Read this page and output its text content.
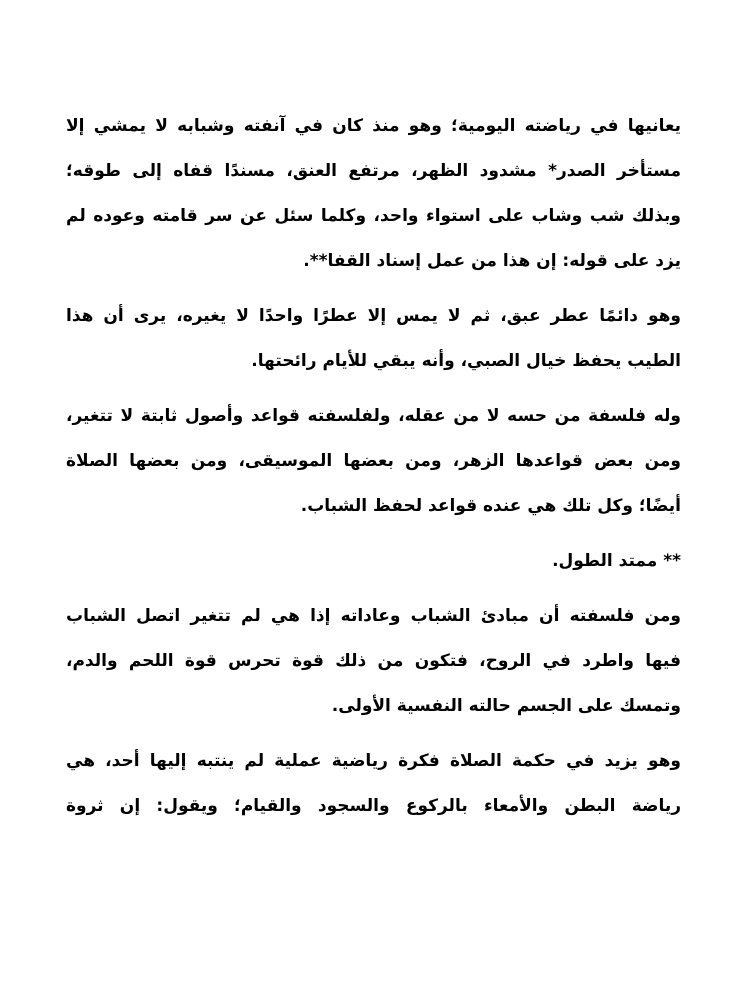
يعانيها في رياضته اليومية؛ وهو منذ كان في آنفته وشبابه لا يمشي إلا
مستأخر الصدر* مشدود الظهر، مرتفع العنق، مسندًا قفاه إلى طوقه؛
وبذلك شب وشاب على استواء واحد، وكلما سئل عن سر قامته وعوده لم
يزد على قوله: إن هذا من عمل إسناد القفا**.

وهو دائمًا عطر عبق، ثم لا يمس إلا عطرًا واحدًا لا يغيره، يرى أن هذا
الطيب يحفظ خيال الصبي، وأنه يبقي للأيام رائحتها.

وله فلسفة من حسه لا من عقله، ولفلسفته قواعد وأصول ثابتة لا تتغير،
ومن بعض قواعدها الزهر، ومن بعضها الموسيقى، ومن بعضها الصلاة
أيضًا؛ وكل تلك هي عنده قواعد لحفظ الشباب.

** ممتد الطول.

ومن فلسفته أن مبادئ الشباب وعاداته إذا هي لم تتغير اتصل الشباب
فيها واطرد في الروح، فتكون من ذلك قوة تحرس قوة اللحم والدم،
وتمسك على الجسم حالته النفسية الأولى.

وهو يزيد في حكمة الصلاة فكرة رياضية عملية لم ينتبه إليها أحد، هي
رياضة البطن والأمعاء بالركوع والسجود والقيام؛ ويقول: إن ثروة
